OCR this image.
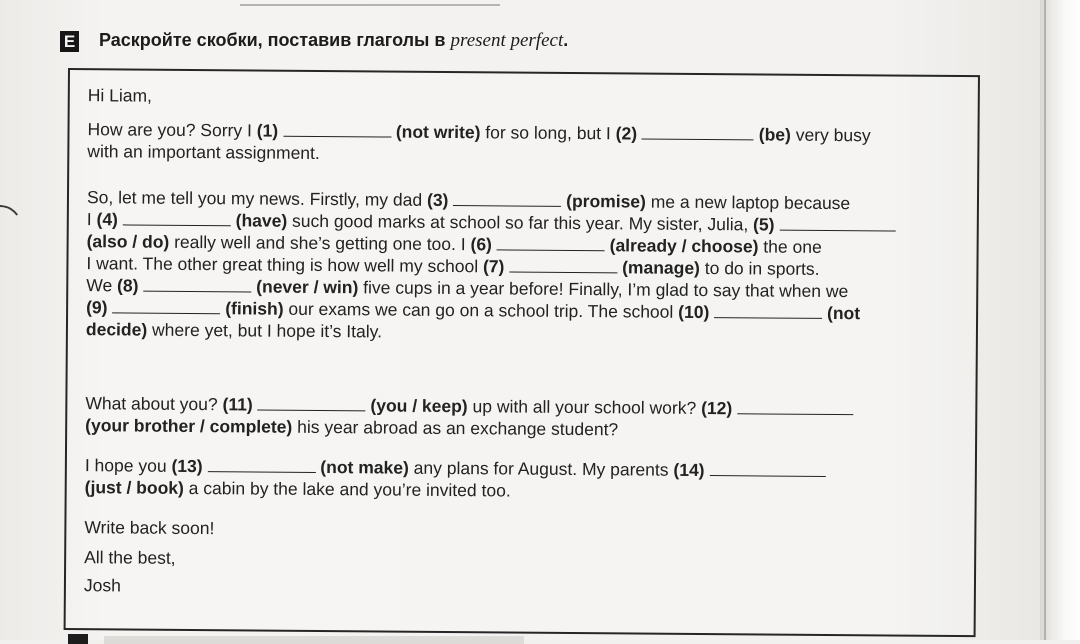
E Раскройте скобки, поставив глаголы в present perfect.
Hi Liam,
How are you? Sorry I (1)	(not write) for so long, but I (2)	(be) very busy
with an important assignment.
So, let me tell you my news. Firstly, my dad (3)	(promise) me a new laptop because
I (4)	(have) such good marks at school so far this year. My sister, Julia, (5)
(also / do) really well and she’s getting one too. I (6)	(already / choose) the one
I want. The other great thing is how well my school (7)	(manage) to do in sports.
We (8)	(never / win) five cups in a year before! Finally, I’m glad to say that when we
(9)	(finish) our exams we can go on a school trip. The school (10)	(not
decide) where yet, but I hope it’s Italy.
What about you? (11)	(you / keep) up with all your school work? (12)
(your brother / complete) his year abroad as an exchange student?
I hope you (13)	(not make) any plans for August. My parents (14)
(just / book) a cabin by the lake and you’re invited too.
Write back soon!
All the best,
Josh
